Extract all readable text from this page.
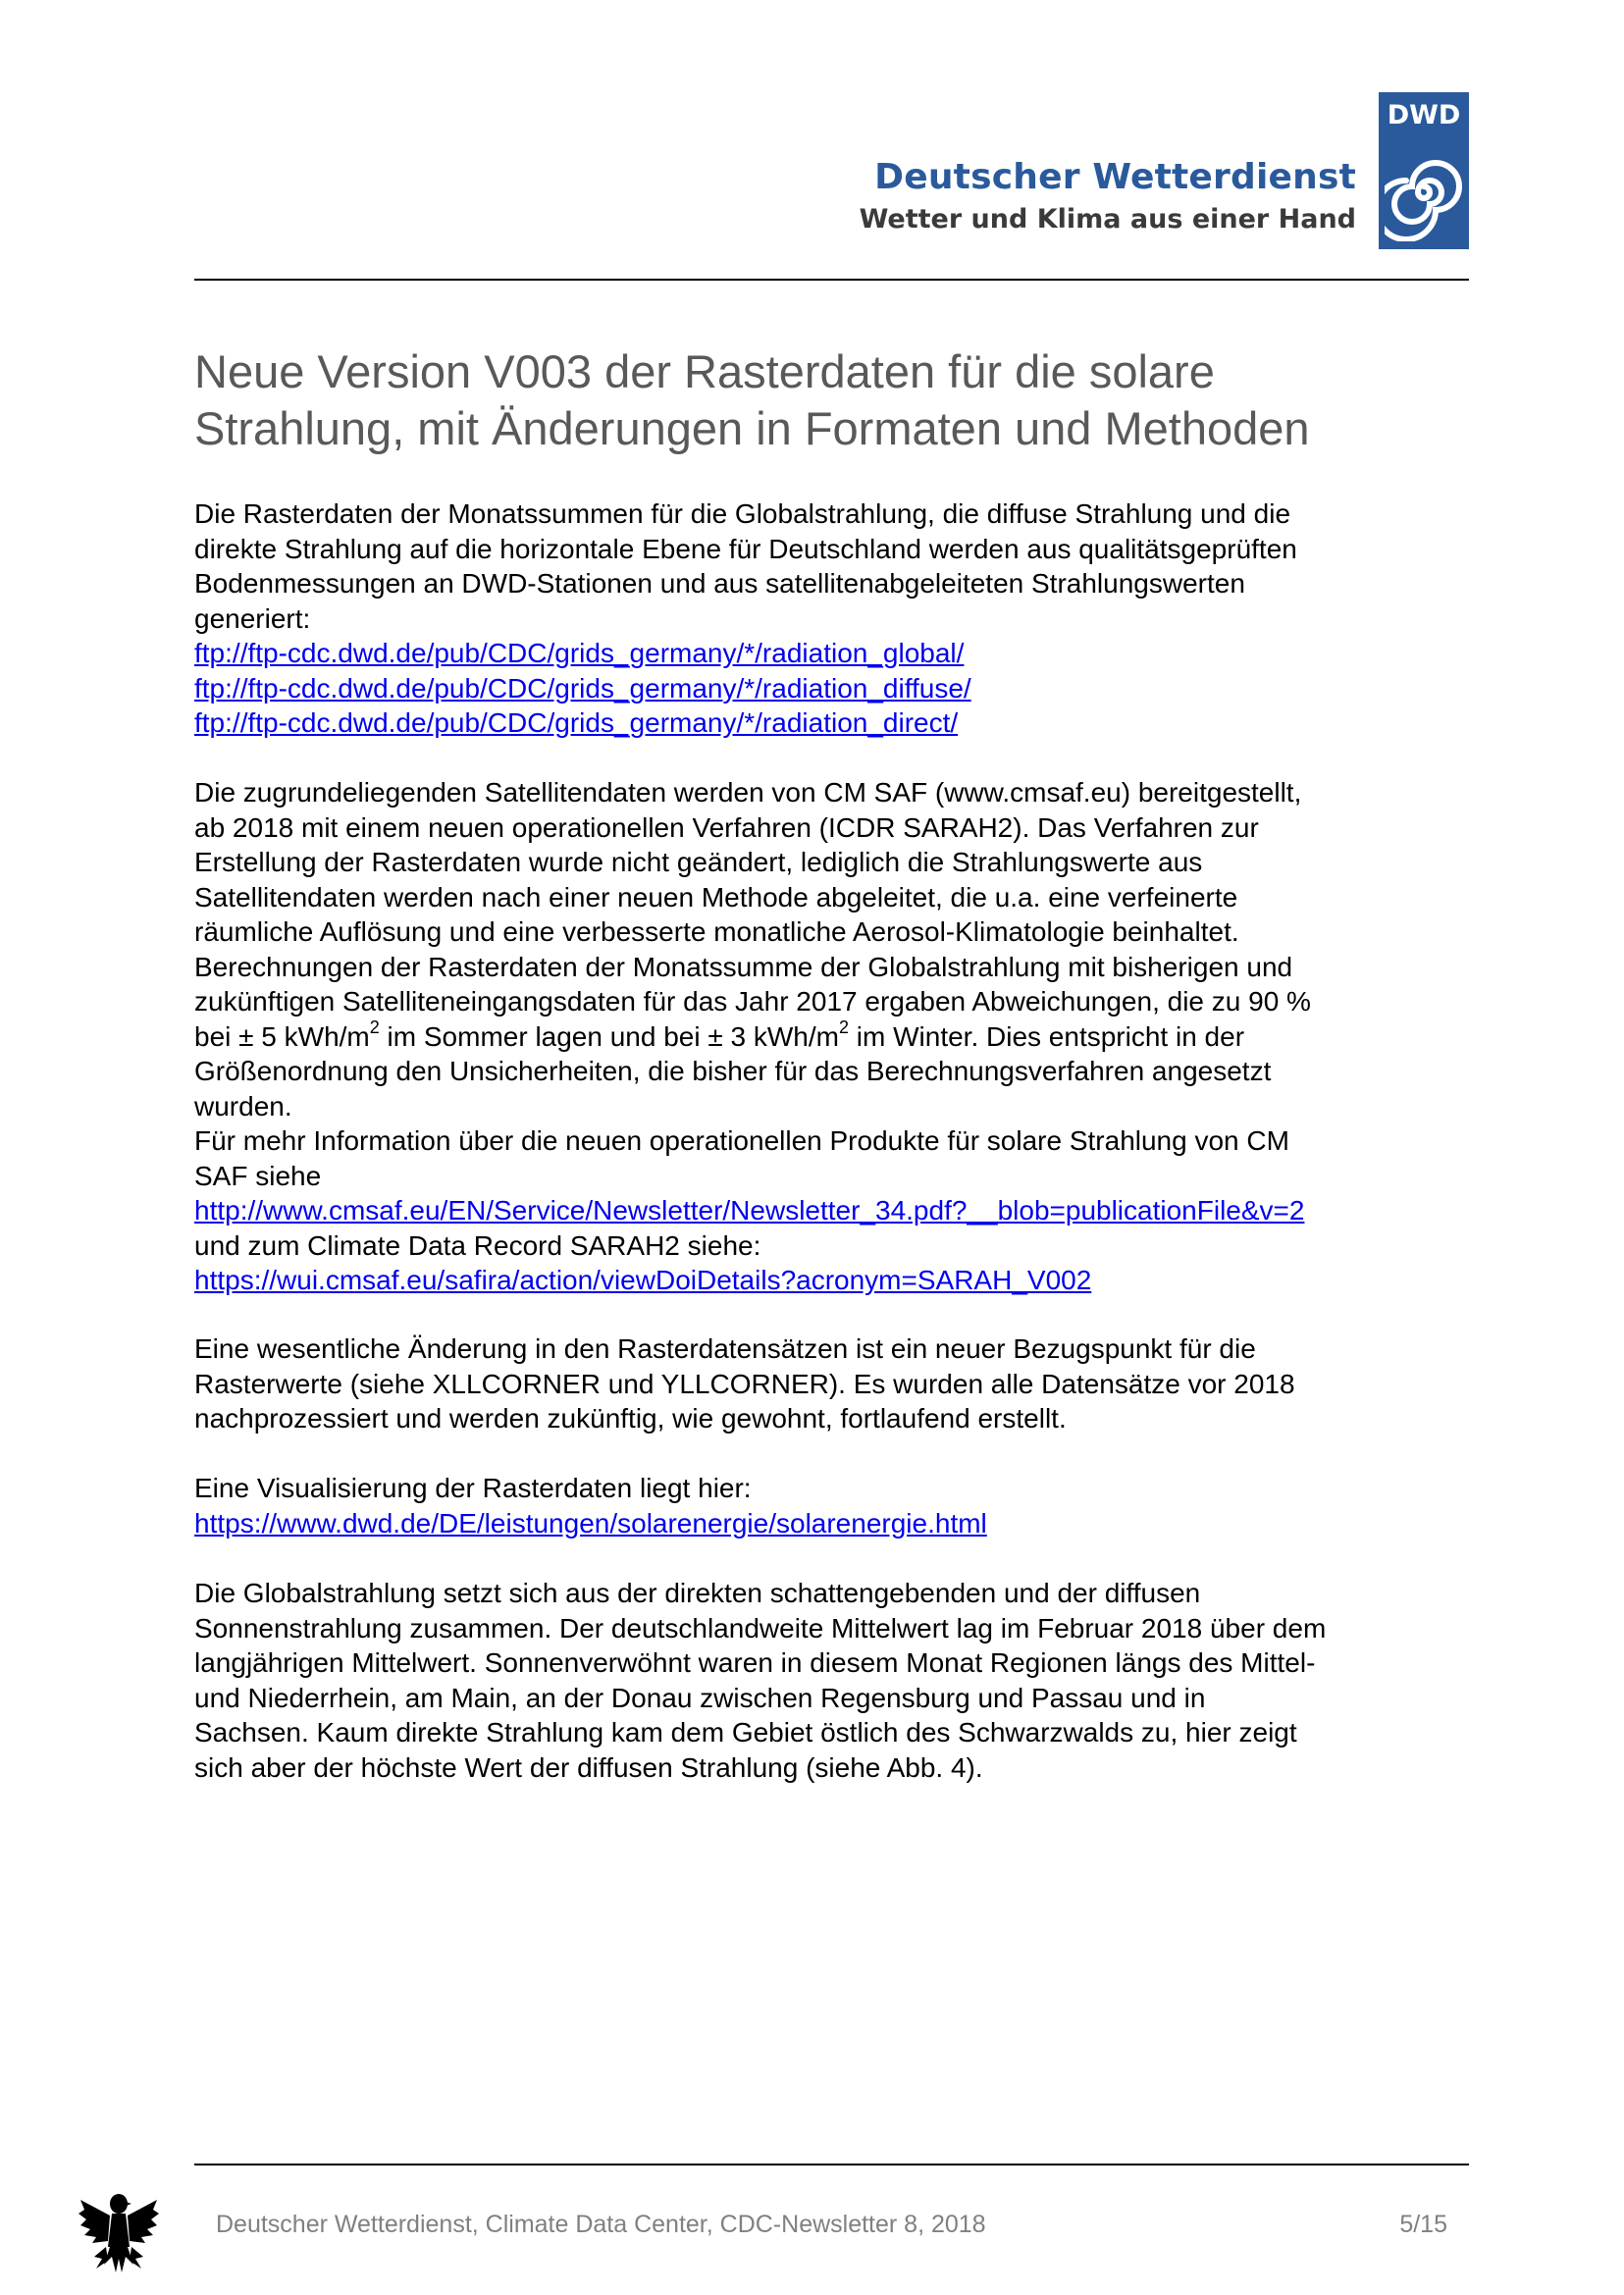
Deutscher Wetterdienst
Wetter und Klima aus einer Hand
DWD
Neue Version V003 der Rasterdaten für die solare
Strahlung, mit Änderungen in Formaten und Methoden
Die Rasterdaten der Monatssummen für die Globalstrahlung, die diffuse Strahlung und die
direkte Strahlung auf die horizontale Ebene für Deutschland werden aus qualitätsgeprüften
Bodenmessungen an DWD-Stationen und aus satellitenabgeleiteten Strahlungswerten
generiert:
ftp://ftp-cdc.dwd.de/pub/CDC/grids_germany/*/radiation_global/
ftp://ftp-cdc.dwd.de/pub/CDC/grids_germany/*/radiation_diffuse/
ftp://ftp-cdc.dwd.de/pub/CDC/grids_germany/*/radiation_direct/
Die zugrundeliegenden Satellitendaten werden von CM SAF (www.cmsaf.eu) bereitgestellt,
ab 2018 mit einem neuen operationellen Verfahren (ICDR SARAH2). Das Verfahren zur
Erstellung der Rasterdaten wurde nicht geändert, lediglich die Strahlungswerte aus
Satellitendaten werden nach einer neuen Methode abgeleitet, die u.a. eine verfeinerte
räumliche Auflösung und eine verbesserte monatliche Aerosol-Klimatologie beinhaltet.
Berechnungen der Rasterdaten der Monatssumme der Globalstrahlung mit bisherigen und
zukünftigen Satelliteneingangsdaten für das Jahr 2017 ergaben Abweichungen, die zu 90 %
bei ± 5 kWh/$m^2$ im Sommer lagen und bei ± 3 kWh/$m^2$ im Winter. Dies entspricht in der
Größenordnung den Unsicherheiten, die bisher für das Berechnungsverfahren angesetzt
wurden.
Für mehr Information über die neuen operationellen Produkte für solare Strahlung von CM
SAF siehe
http://www.cmsaf.eu/EN/Service/Newsletter/Newsletter_34.pdf?__blob=publicationFile&v=2
und zum Climate Data Record SARAH2 siehe:
https://wui.cmsaf.eu/safira/action/viewDoiDetails?acronym=SARAH_V002
Eine wesentliche Änderung in den Rasterdatensätzen ist ein neuer Bezugspunkt für die
Rasterwerte (siehe XLLCORNER und YLLCORNER). Es wurden alle Datensätze vor 2018
nachprozessiert und werden zukünftig, wie gewohnt, fortlaufend erstellt.
Eine Visualisierung der Rasterdaten liegt hier:
https://www.dwd.de/DE/leistungen/solarenergie/solarenergie.html
Die Globalstrahlung setzt sich aus der direkten schattengebenden und der diffusen
Sonnenstrahlung zusammen. Der deutschlandweite Mittelwert lag im Februar 2018 über dem
langjährigen Mittelwert. Sonnenverwöhnt waren in diesem Monat Regionen längs des Mittel-
und Niederrhein, am Main, an der Donau zwischen Regensburg und Passau und in
Sachsen. Kaum direkte Strahlung kam dem Gebiet östlich des Schwarzwalds zu, hier zeigt
sich aber der höchste Wert der diffusen Strahlung (siehe Abb. 4).
Deutscher Wetterdienst, Climate Data Center, CDC-Newsletter 8, 2018	5/15
